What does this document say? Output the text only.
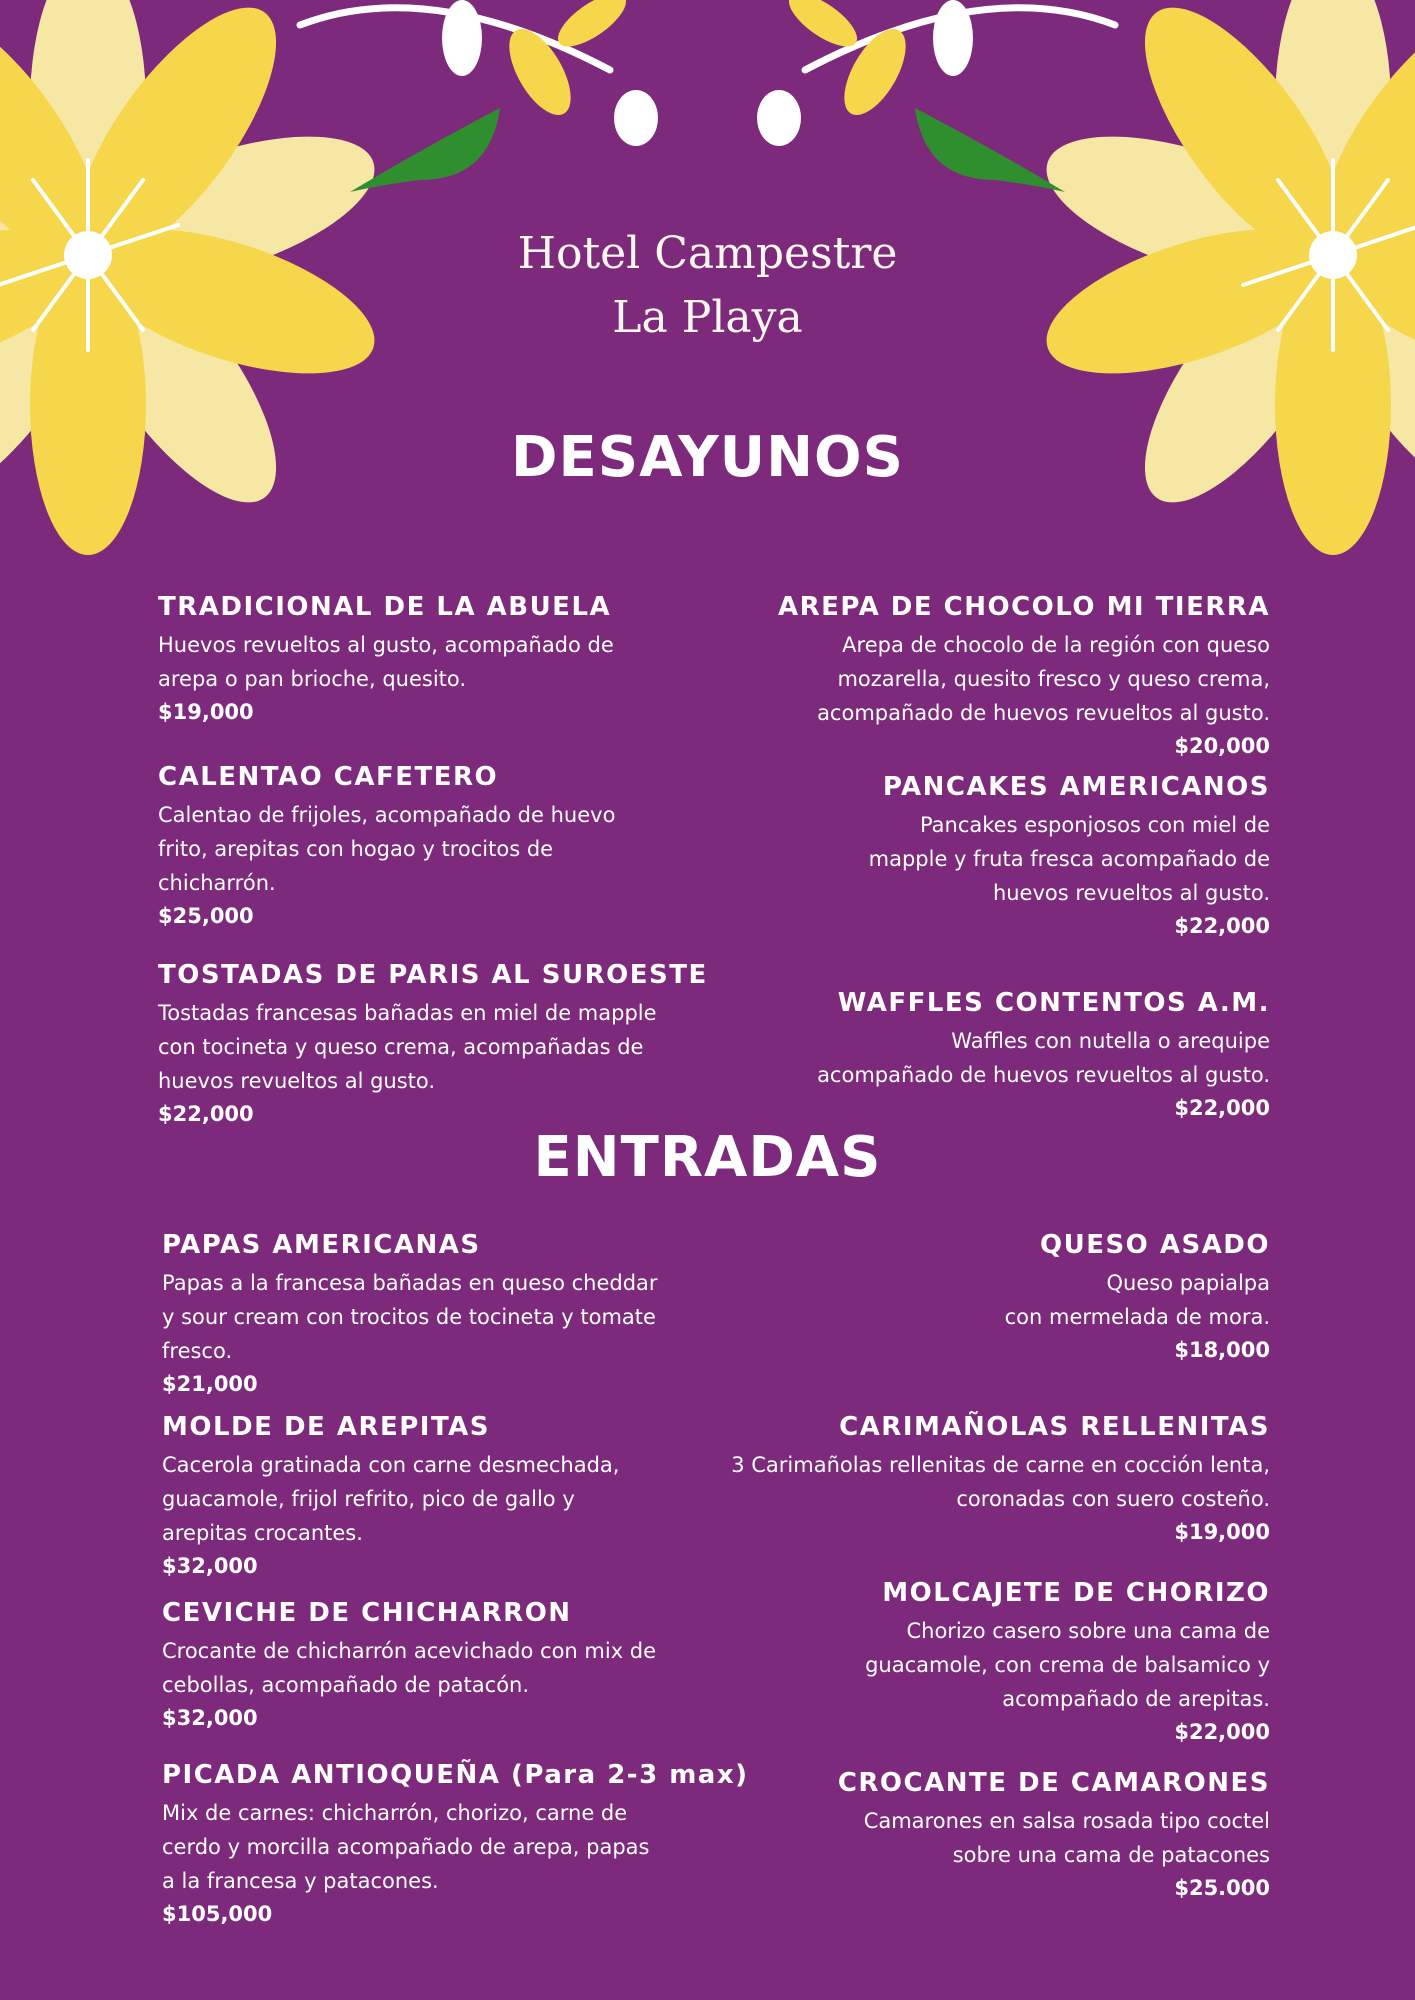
Hotel Campestre
La Playa
DESAYUNOS
TRADICIONAL DE LA ABUELA

Huevos revueltos al gusto, acompañado de

arepa o pan brioche, quesito.

$19,000
CALENTAO CAFETERO

Calentao de frijoles, acompañado de huevo

frito, arepitas con hogao y trocitos de

chicharrón.

$25,000
TOSTADAS DE PARIS AL SUROESTE

Tostadas francesas bañadas en miel de mapple

con tocineta y queso crema, acompañadas de

huevos revueltos al gusto.

$22,000
AREPA DE CHOCOLO MI TIERRA

Arepa de chocolo de la región con queso

mozarella, quesito fresco y queso crema,

acompañado de huevos revueltos al gusto.

$20,000
PANCAKES AMERICANOS

Pancakes esponjosos con miel de

mapple y fruta fresca acompañado de

huevos revueltos al gusto.

$22,000
WAFFLES CONTENTOS A.M.

Waffles con nutella o arequipe

acompañado de huevos revueltos al gusto.

$22,000
ENTRADAS
PAPAS AMERICANAS

Papas a la francesa bañadas en queso cheddar

y sour cream con trocitos de tocineta y tomate

fresco.

$21,000
MOLDE DE AREPITAS

Cacerola gratinada con carne desmechada,

guacamole, frijol refrito, pico de gallo y

arepitas crocantes.

$32,000
CEVICHE DE CHICHARRON

Crocante de chicharrón acevichado con mix de

cebollas, acompañado de patacón.

$32,000
PICADA ANTIOQUEÑA (Para 2-3 max)

Mix de carnes: chicharrón, chorizo, carne de

cerdo y morcilla acompañado de arepa, papas

a la francesa y patacones.

$105,000
QUESO ASADO

Queso papialpa

con mermelada de mora.

$18,000
CARIMAÑOLAS RELLENITAS

3 Carimañolas rellenitas de carne en cocción lenta,

coronadas con suero costeño.

$19,000
MOLCAJETE DE CHORIZO

Chorizo casero sobre una cama de

guacamole, con crema de balsamico y

acompañado de arepitas.

$22,000
CROCANTE DE CAMARONES

Camarones en salsa rosada tipo coctel

sobre una cama de patacones

$25.000
